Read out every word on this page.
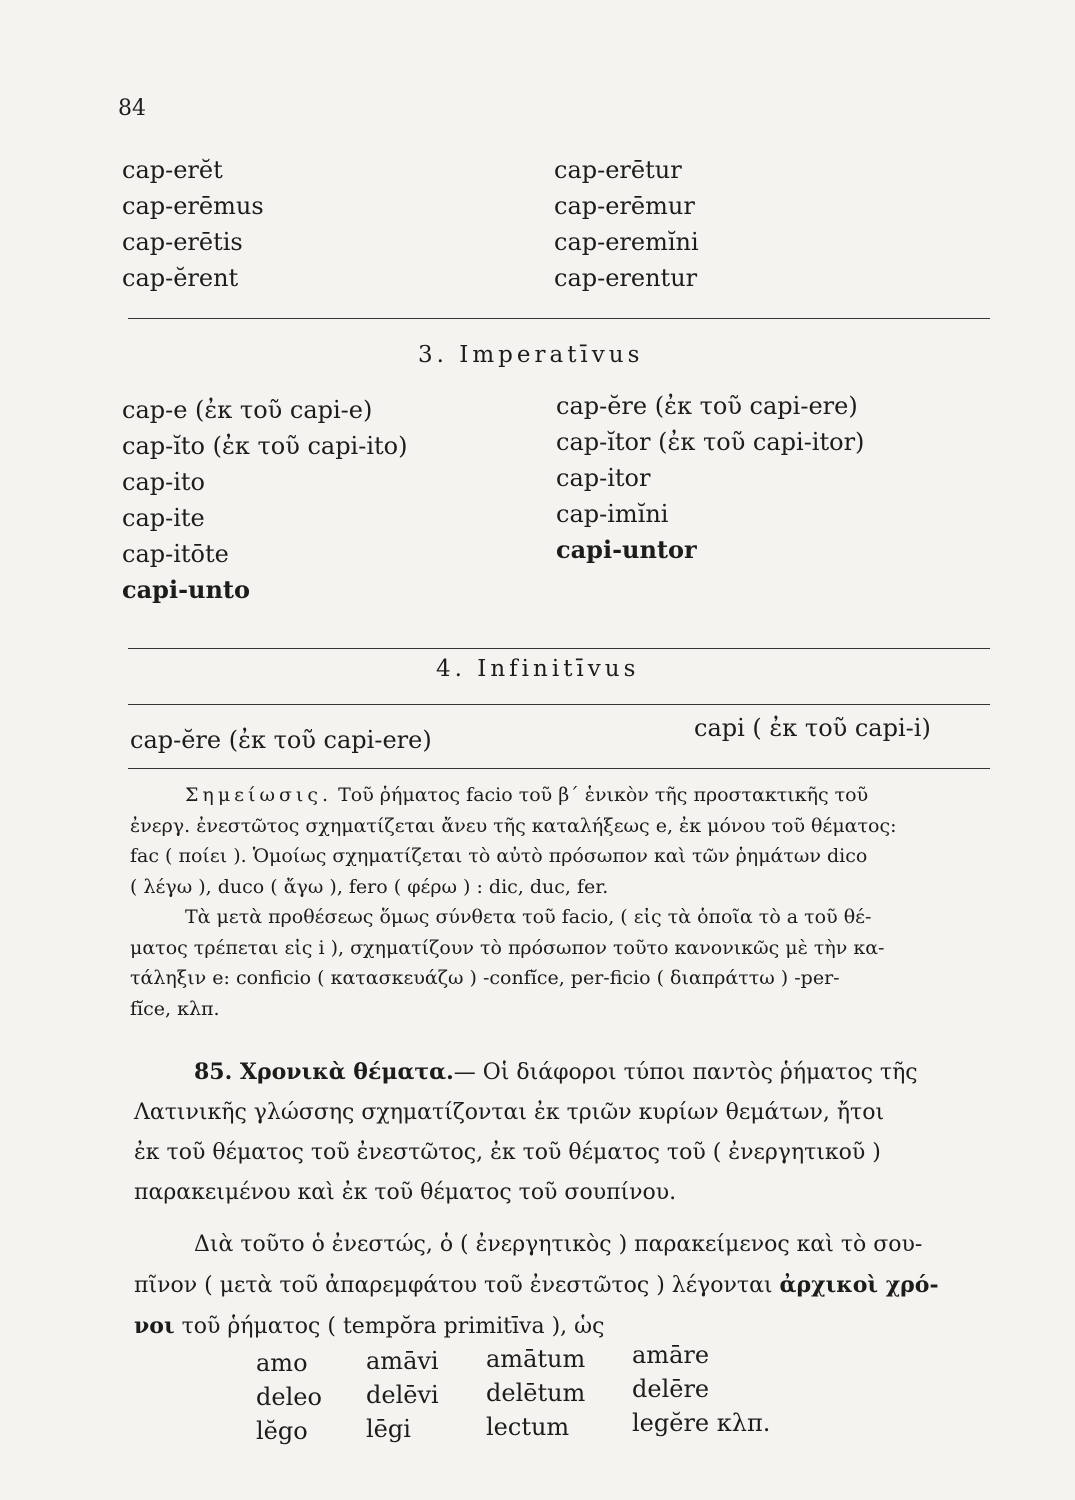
84
cap-erĕt
cap-erēmus
cap-erētis
cap-ĕrent
cap-erētur
cap-erēmur
cap-eremĭni
cap-erentur
3. Imperatīvus
cap-e (ἐκ τοῦ capi-e)
cap-ĭto (ἐκ τοῦ capi-ito)
cap-ito
cap-ite
cap-itōte
capi-unto
cap-ĕre (ἐκ τοῦ capi-ere)
cap-ĭtor (ἐκ τοῦ capi-itor)
cap-itor
cap-imĭni
capi-untor
4. Infinitīvus
cap-ĕre (ἐκ τοῦ capi-ere)	capi ( ἐκ τοῦ capi-i)
Σημείωσις. Τοῦ ῥήματος facio τοῦ β΄ ἑνικὸν τῆς προστακτικῆς τοῦ
ἐνεργ. ἐνεστῶτος σχηματίζεται ἄνευ τῆς καταλήξεως e, ἐκ μόνου τοῦ θέματος:
fac ( ποίει ). Ὁμοίως σχηματίζεται τὸ αὐτὸ πρόσωπον καὶ τῶν ῥημάτων dico
( λέγω ), duco ( ἄγω ), fero ( φέρω ) : dic, duc, fer.
Τὰ μετὰ προθέσεως ὅμως σύνθετα τοῦ facio, ( εἰς τὰ ὁποῖα τὸ a τοῦ θέ-
ματος τρέπεται εἰς i ), σχηματίζουν τὸ πρόσωπον τοῦτο κανονικῶς μὲ τὴν κα-
τάληξιν e: conficio ( κατασκευάζω ) -confĭce, per-ficio ( διαπράττω ) -per-
fĭce, κλπ.
85. Χρονικὰ θέματα.— Οἱ διάφοροι τύποι παντὸς ῥήματος τῆς
Λατινικῆς γλώσσης σχηματίζονται ἐκ τριῶν κυρίων θεμάτων, ἤτοι
ἐκ τοῦ θέματος τοῦ ἐνεστῶτος, ἐκ τοῦ θέματος τοῦ ( ἐνεργητικοῦ )
παρακειμένου καὶ ἐκ τοῦ θέματος τοῦ σουπίνου.
Διὰ τοῦτο ὁ ἐνεστώς, ὁ ( ἐνεργητικὸς ) παρακείμενος καὶ τὸ σου-
πῖνον ( μετὰ τοῦ ἀπαρεμφάτου τοῦ ἐνεστῶτος ) λέγονται ἀρχικοὶ χρό-
νοι τοῦ ῥήματος ( tempŏra primitīva ), ὡς
amo
deleo
lĕgo
amāvi
delēvi
lēgi
amātum
delētum
lectum
amāre
delēre
legĕre κλπ.
